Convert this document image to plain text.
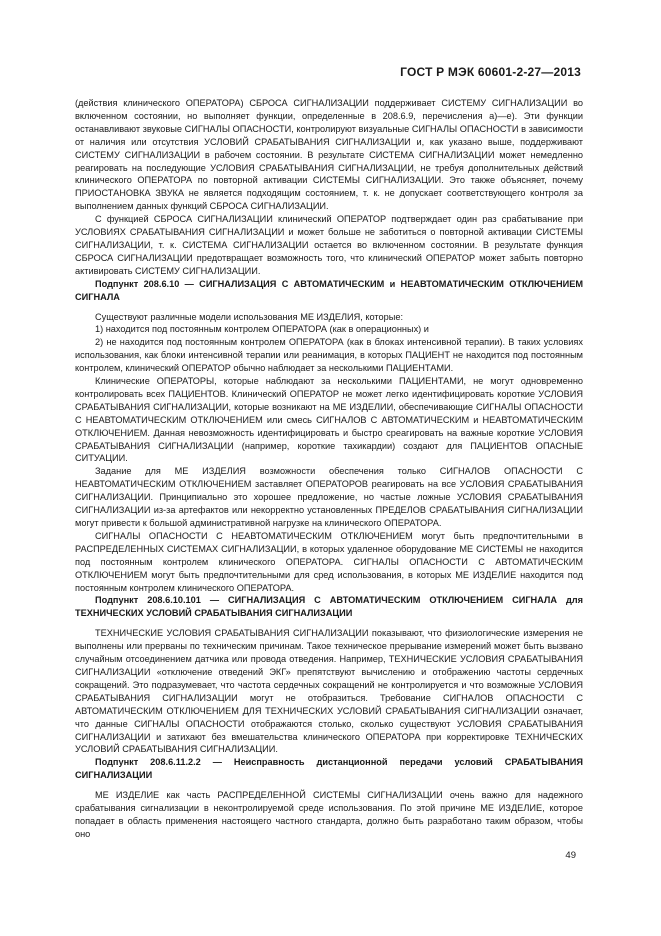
ГОСТ Р МЭК 60601-2-27—2013

(действия клинического ОПЕРАТОРА) СБРОСА СИГНАЛИЗАЦИИ поддерживает СИСТЕМУ СИГНАЛИЗАЦИИ во включенном состоянии, но выполняет функции, определенные в 208.6.9, перечисления а)—е). Эти функции останавливают звуковые СИГНАЛЫ ОПАСНОСТИ, контролируют визуальные СИГНАЛЫ ОПАСНОСТИ в зависимости от наличия или отсутствия УСЛОВИЙ СРАБАТЫВАНИЯ СИГНАЛИЗАЦИИ и, как указано выше, поддерживают СИСТЕМУ СИГНАЛИЗАЦИИ в рабочем состоянии. В результате СИСТЕМА СИГНАЛИЗАЦИИ может немедленно реагировать на последующие УСЛОВИЯ СРАБАТЫВАНИЯ СИГНАЛИЗАЦИИ, не требуя дополнительных действий клинического ОПЕРАТОРА по повторной активации СИСТЕМЫ СИГНАЛИЗАЦИИ. Это также объясняет, почему ПРИОСТАНОВКА ЗВУКА не является подходящим состоянием, т. к. не допускает соответствующего контроля за выполнением данных функций СБРОСА СИГНАЛИЗАЦИИ.

С функцией СБРОСА СИГНАЛИЗАЦИИ клинический ОПЕРАТОР подтверждает один раз срабатывание при УСЛОВИЯХ СРАБАТЫВАНИЯ СИГНАЛИЗАЦИИ и может больше не заботиться о повторной активации СИСТЕМЫ СИГНАЛИЗАЦИИ, т. к. СИСТЕМА СИГНАЛИЗАЦИИ остается во включенном состоянии. В результате функция СБРОСА СИГНАЛИЗАЦИИ предотвращает возможность того, что клинический ОПЕРАТОР может забыть повторно активировать СИСТЕМУ СИГНАЛИЗАЦИИ.

Подпункт 208.6.10 — СИГНАЛИЗАЦИЯ С АВТОМАТИЧЕСКИМ и НЕАВТОМАТИЧЕСКИМ ОТКЛЮЧЕНИЕМ СИГНАЛА

Существуют различные модели использования МЕ ИЗДЕЛИЯ, которые:

1) находится под постоянным контролем ОПЕРАТОРА (как в операционных) и

2) не находится под постоянным контролем ОПЕРАТОРА (как в блоках интенсивной терапии). В таких условиях использования, как блоки интенсивной терапии или реанимация, в которых ПАЦИЕНТ не находится под постоянным контролем, клинический ОПЕРАТОР обычно наблюдает за несколькими ПАЦИЕНТАМИ.

Клинические ОПЕРАТОРЫ, которые наблюдают за несколькими ПАЦИЕНТАМИ, не могут одновременно контролировать всех ПАЦИЕНТОВ. Клинический ОПЕРАТОР не может легко идентифицировать короткие УСЛОВИЯ СРАБАТЫВАНИЯ СИГНАЛИЗАЦИИ, которые возникают на МЕ ИЗДЕЛИИ, обеспечивающие СИГНАЛЫ ОПАСНОСТИ С НЕАВТОМАТИЧЕСКИМ ОТКЛЮЧЕНИЕМ или смесь СИГНАЛОВ С АВТОМАТИЧЕСКИМ и НЕАВТОМАТИЧЕСКИМ ОТКЛЮЧЕНИЕМ. Данная невозможность идентифицировать и быстро среагировать на важные короткие УСЛОВИЯ СРАБАТЫВАНИЯ СИГНАЛИЗАЦИИ (например, короткие тахикардии) создают для ПАЦИЕНТОВ ОПАСНЫЕ СИТУАЦИИ.

Задание для МЕ ИЗДЕЛИЯ возможности обеспечения только СИГНАЛОВ ОПАСНОСТИ С НЕАВТОМАТИЧЕСКИМ ОТКЛЮЧЕНИЕМ заставляет ОПЕРАТОРОВ реагировать на все УСЛОВИЯ СРАБАТЫВАНИЯ СИГНАЛИЗАЦИИ. Принципиально это хорошее предложение, но частые ложные УСЛОВИЯ СРАБАТЫВАНИЯ СИГНАЛИЗАЦИИ из-за артефактов или некорректно установленных ПРЕДЕЛОВ СРАБАТЫВАНИЯ СИГНАЛИЗАЦИИ могут привести к большой административной нагрузке на клинического ОПЕРАТОРА.

СИГНАЛЫ ОПАСНОСТИ С НЕАВТОМАТИЧЕСКИМ ОТКЛЮЧЕНИЕМ могут быть предпочтительными в РАСПРЕДЕЛЕННЫХ СИСТЕМАХ СИГНАЛИЗАЦИИ, в которых удаленное оборудование МЕ СИСТЕМЫ не находится под постоянным контролем клинического ОПЕРАТОРА. СИГНАЛЫ ОПАСНОСТИ С АВТОМАТИЧЕСКИМ ОТКЛЮЧЕНИЕМ могут быть предпочтительными для сред использования, в которых МЕ ИЗДЕЛИЕ находится под постоянным контролем клинического ОПЕРАТОРА.

Подпункт 208.6.10.101 — СИГНАЛИЗАЦИЯ С АВТОМАТИЧЕСКИМ ОТКЛЮЧЕНИЕМ СИГНАЛА для ТЕХНИЧЕСКИХ УСЛОВИЙ СРАБАТЫВАНИЯ СИГНАЛИЗАЦИИ

ТЕХНИЧЕСКИЕ УСЛОВИЯ СРАБАТЫВАНИЯ СИГНАЛИЗАЦИИ показывают, что физиологические измерения не выполнены или прерваны по техническим причинам. Такое техническое прерывание измерений может быть вызвано случайным отсоединением датчика или провода отведения. Например, ТЕХНИЧЕСКИЕ УСЛОВИЯ СРАБАТЫВАНИЯ СИГНАЛИЗАЦИИ «отключение отведений ЭКГ» препятствуют вычислению и отображению частоты сердечных сокращений. Это подразумевает, что частота сердечных сокращений не контролируется и что возможные УСЛОВИЯ СРАБАТЫВАНИЯ СИГНАЛИЗАЦИИ могут не отобразиться. Требование СИГНАЛОВ ОПАСНОСТИ С АВТОМАТИЧЕСКИМ ОТКЛЮЧЕНИЕМ ДЛЯ ТЕХНИЧЕСКИХ УСЛОВИЙ СРАБАТЫВАНИЯ СИГНАЛИЗАЦИИ означает, что данные СИГНАЛЫ ОПАСНОСТИ отображаются столько, сколько существуют УСЛОВИЯ СРАБАТЫВАНИЯ СИГНАЛИЗАЦИИ и затихают без вмешательства клинического ОПЕРАТОРА при корректировке ТЕХНИЧЕСКИХ УСЛОВИЙ СРАБАТЫВАНИЯ СИГНАЛИЗАЦИИ.

Подпункт 208.6.11.2.2 — Неисправность дистанционной передачи условий СРАБАТЫВАНИЯ СИГНАЛИЗАЦИИ

МЕ ИЗДЕЛИЕ как часть РАСПРЕДЕЛЕННОЙ СИСТЕМЫ СИГНАЛИЗАЦИИ очень важно для надежного срабатывания сигнализации в неконтролируемой среде использования. По этой причине МЕ ИЗДЕЛИЕ, которое попадает в область применения настоящего частного стандарта, должно быть разработано таким образом, чтобы оно

49
